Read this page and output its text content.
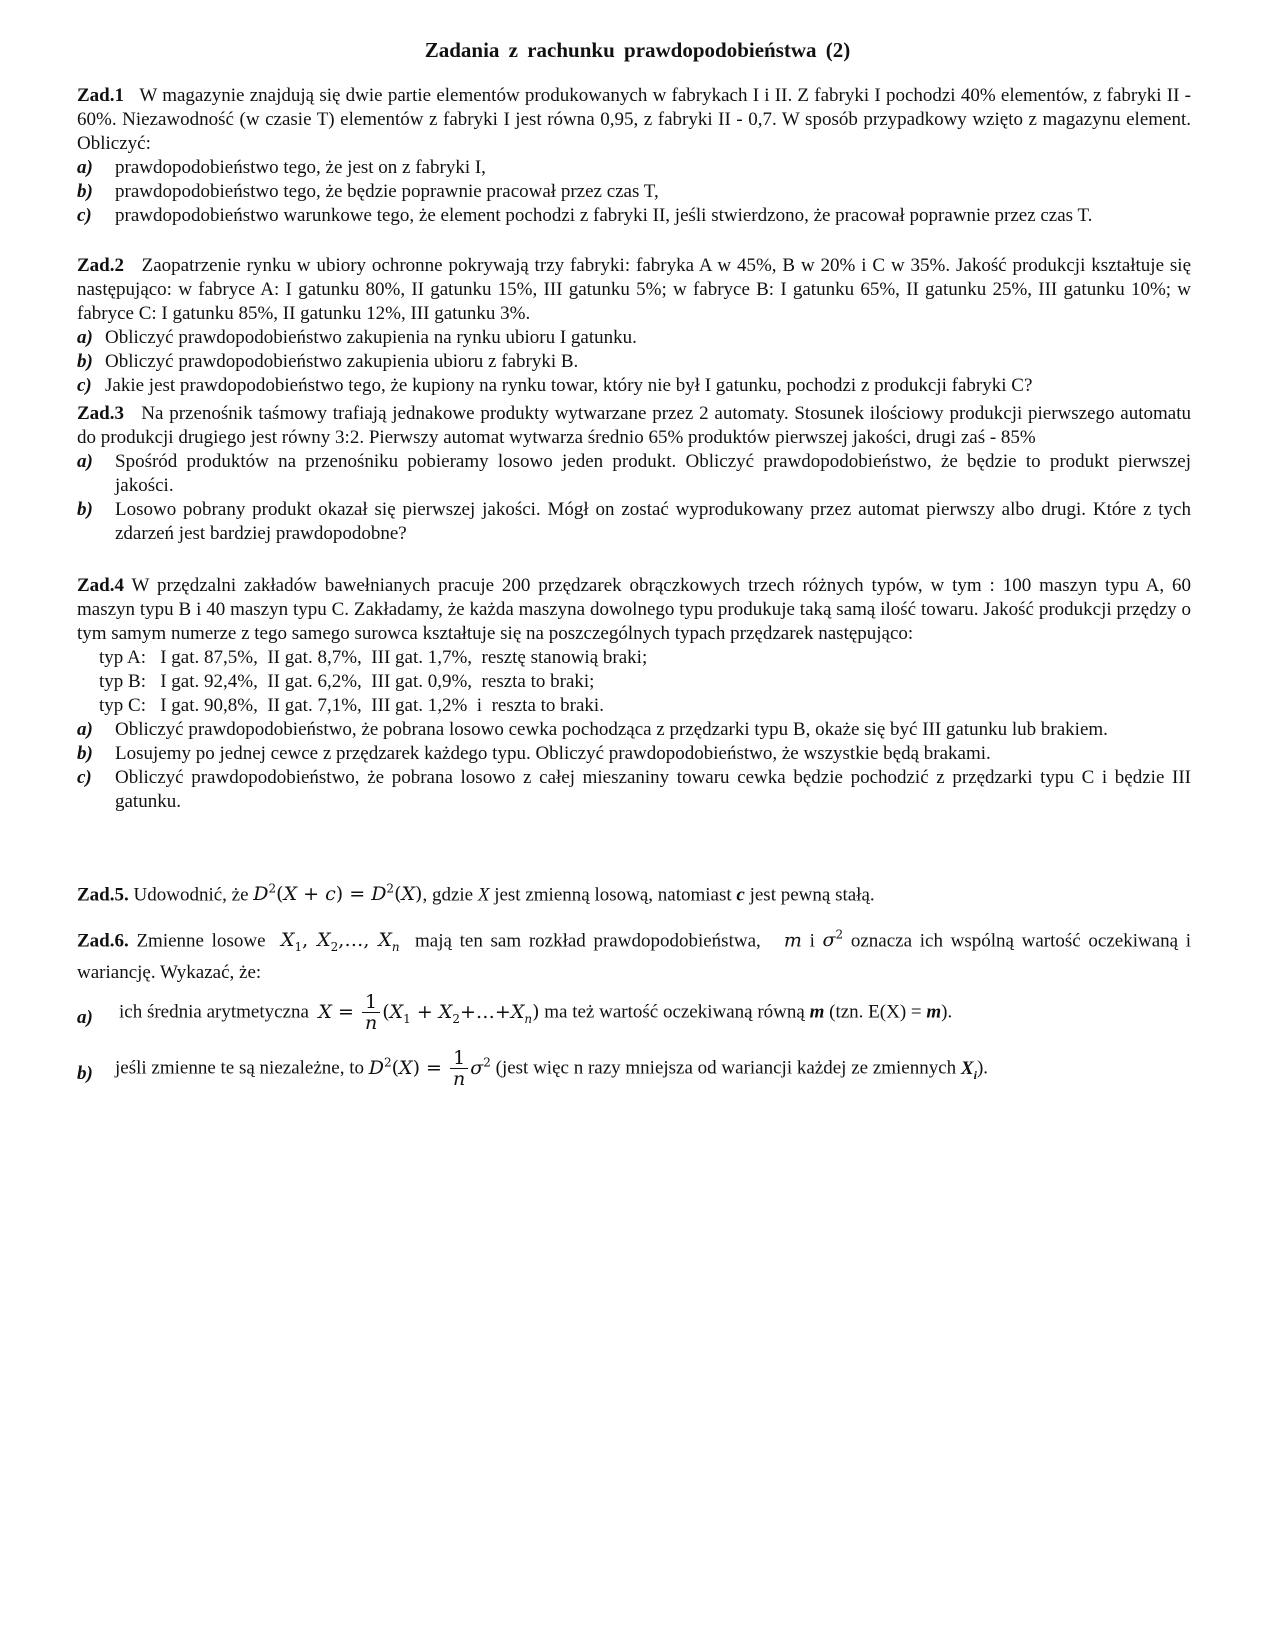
Zadania z rachunku prawdopodobieństwa (2)
Zad.1 W magazynie znajdują się dwie partie elementów produkowanych w fabrykach I i II. Z fabryki I pochodzi 40% elementów, z fabryki II - 60%. Niezawodność (w czasie T) elementów z fabryki I jest równa 0,95, z fabryki II - 0,7. W sposób przypadkowy wzięto z magazynu element. Obliczyć:
a) prawdopodobieństwo tego, że jest on z fabryki I,
b) prawdopodobieństwo tego, że będzie poprawnie pracował przez czas T,
c) prawdopodobieństwo warunkowe tego, że element pochodzi z fabryki II, jeśli stwierdzono, że pracował poprawnie przez czas T.
Zad.2 Zaopatrzenie rynku w ubiory ochronne pokrywają trzy fabryki: fabryka A w 45%, B w 20% i C w 35%. Jakość produkcji kształtuje się następująco: w fabryce A: I gatunku 80%, II gatunku 15%, III gatunku 5%; w fabryce B: I gatunku 65%, II gatunku 25%, III gatunku 10%; w fabryce C: I gatunku 85%, II gatunku 12%, III gatunku 3%.
a) Obliczyć prawdopodobieństwo zakupienia na rynku ubioru I gatunku.
b) Obliczyć prawdopodobieństwo zakupienia ubioru z fabryki B.
c) Jakie jest prawdopodobieństwo tego, że kupiony na rynku towar, który nie był I gatunku, pochodzi z produkcji fabryki C?
Zad.3 Na przenośnik taśmowy trafiają jednakowe produkty wytwarzane przez 2 automaty. Stosunek ilościowy produkcji pierwszego automatu do produkcji drugiego jest równy 3:2. Pierwszy automat wytwarza średnio 65% produktów pierwszej jakości, drugi zaś - 85%
a) Spośród produktów na przenośniku pobieramy losowo jeden produkt. Obliczyć prawdopodobieństwo, że będzie to produkt pierwszej jakości.
b) Losowo pobrany produkt okazał się pierwszej jakości. Mógł on zostać wyprodukowany przez automat pierwszy albo drugi. Które z tych zdarzeń jest bardziej prawdopodobne?
Zad.4 W przędzalni zakładów bawełnianych pracuje 200 przędzarek obrączkowych trzech różnych typów, w tym : 100 maszyn typu A, 60 maszyn typu B i 40 maszyn typu C. Zakładamy, że każda maszyna dowolnego typu produkuje taką samą ilość towaru. Jakość produkcji przędzy o tym samym numerze z tego samego surowca kształtuje się na poszczególnych typach przędzarek następująco:
typ A:   I gat. 87,5%,  II gat. 8,7%,  III gat. 1,7%,  resztę stanowią braki;
typ B:   I gat. 92,4%,  II gat. 6,2%,  III gat. 0,9%,  reszta to braki;
typ C:   I gat. 90,8%,  II gat. 7,1%,  III gat. 1,2%  i  reszta to braki.
a) Obliczyć prawdopodobieństwo, że pobrana losowo cewka pochodząca z przędzarki typu B, okaże się być III gatunku lub brakiem.
b) Losujemy po jednej cewce z przędzarek każdego typu. Obliczyć prawdopodobieństwo, że wszystkie będą brakami.
c) Obliczyć prawdopodobieństwo, że pobrana losowo z całej mieszaniny towaru cewka będzie pochodzić z przędzarki typu C i będzie III gatunku.
Zad.5. Udowodnić, że $D^2(X + c) = D^2(X)$, gdzie X jest zmienną losową, natomiast c jest pewną stałą.
Zad.6. Zmienne losowe $X_1$, $X_2,\dots$, $X_n$ mają ten sam rozkład prawdopodobieństwa, m i $\sigma^2$ oznacza ich wspólną wartość oczekiwaną i wariancję. Wykazać, że:
a) ich średnia arytmetyczna $X = \frac{1}{n} (X_1$ + $X_2+\dots+X_n$) ma też wartość oczekiwaną równą m (tzn. E(X) = m).
b) jeśli zmienne te są niezależne, to $D^2(X) = \frac{1}{n} \sigma^2$ (jest więc n razy mniejsza od wariancji każdej ze zmiennych $X_i$).
